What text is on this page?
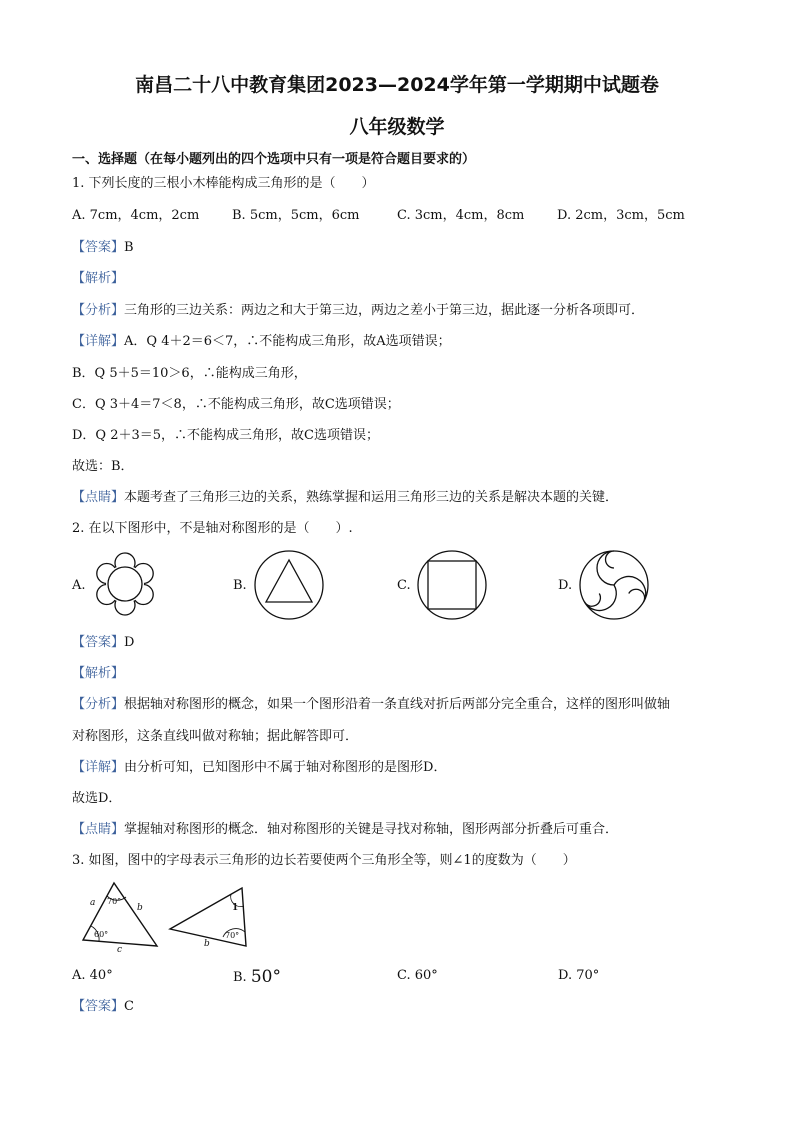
南昌二十八中教育集团2023—2024学年第一学期期中试题卷
八年级数学
一、选择题（在每小题列出的四个选项中只有一项是符合题目要求的）
1. 下列长度的三根小木棒能构成三角形的是（　　）
A. 7cm，4cm，2cm	B. 5cm，5cm，6cm	C. 3cm，4cm，8cm	D. 2cm，3cm，5cm
【答案】B
【解析】
【分析】三角形的三边关系：两边之和大于第三边，两边之差小于第三边，据此逐一分析各项即可．
【详解】A．Q 4＋2＝6＜7，∴不能构成三角形，故A选项错误；
B．Q 5＋5＝10＞6，∴能构成三角形，
C．Q 3＋4＝7＜8，∴不能构成三角形，故C选项错误；
D．Q 2＋3＝5，∴不能构成三角形，故C选项错误；
故选：B．
【点睛】本题考查了三角形三边的关系，熟练掌握和运用三角形三边的关系是解决本题的关键．
2. 在以下图形中，不是轴对称图形的是（　　）.
A.	B.	C.	D.
【答案】D
【解析】
【分析】根据轴对称图形的概念，如果一个图形沿着一条直线对折后两部分完全重合，这样的图形叫做轴
对称图形，这条直线叫做对称轴；据此解答即可．
【详解】由分析可知，已知图形中不属于轴对称图形的是图形D．
故选D．
【点睛】掌握轴对称图形的概念．轴对称图形的关键是寻找对称轴，图形两部分折叠后可重合．
3. 如图，图中的字母表示三角形的边长若要使两个三角形全等，则∠1的度数为（　　）
a	b
c
70°
60°
1
70°
b
A. 40°	B. 50°	C. 60°	D. 70°
【答案】C
